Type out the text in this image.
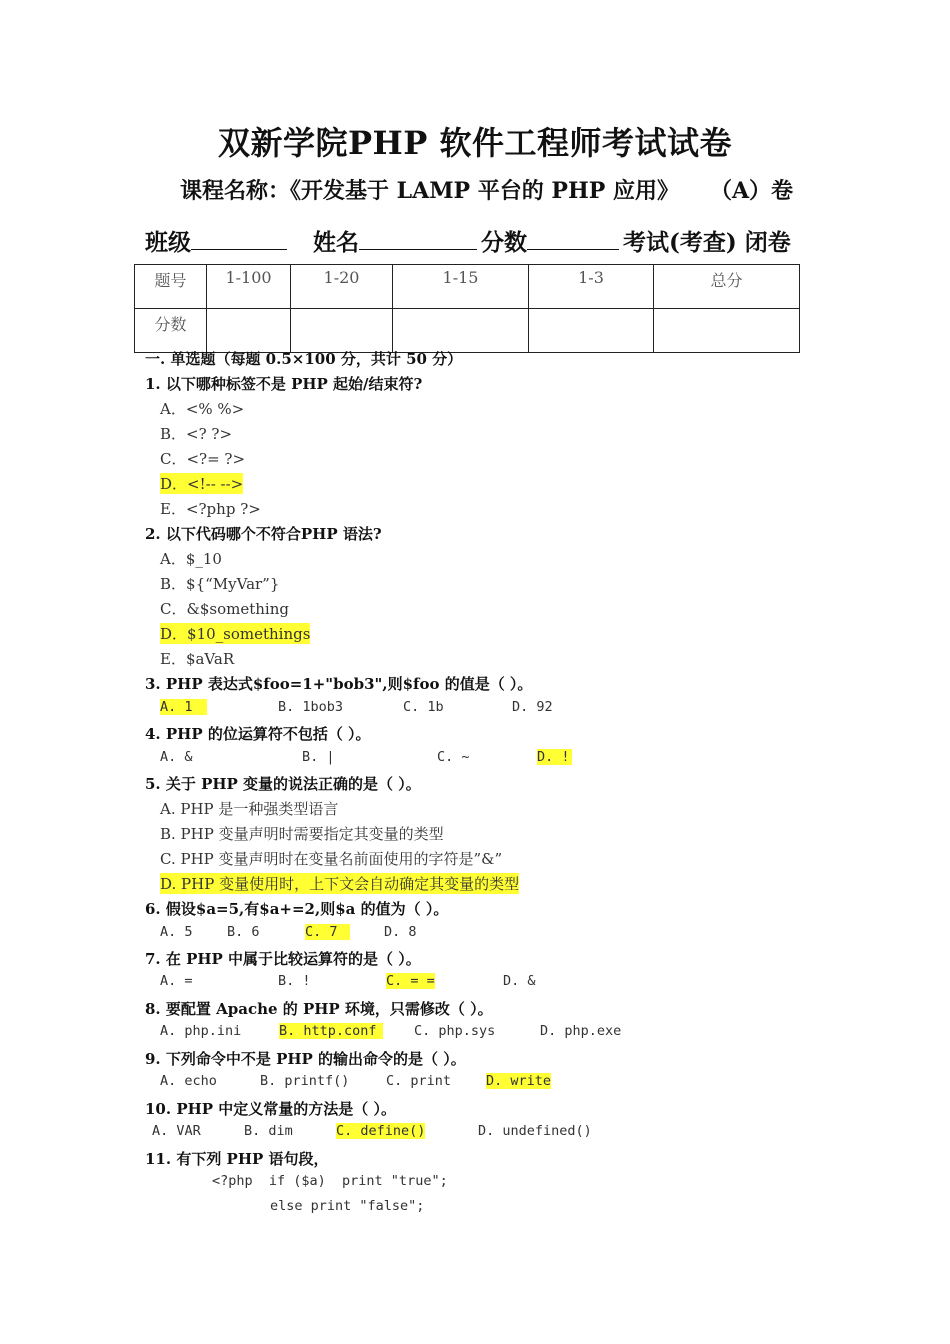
双新学院PHP 软件工程师考试试卷
课程名称：《开发基于 LAMP 平台的 PHP 应用》 （A）卷
班级	姓名	分数	考试(考查) 闭卷
题号	1-100	1-20	1-15	1-3	总分
分数					
一. 单选题（每题 0.5×100 分，共计 50 分）
1. 以下哪种标签不是 PHP 起始/结束符?
A．<% %>
B．<? ?>
C．<?= ?>
D．<!-- -->
E．<?php ?>
2. 以下代码哪个不符合PHP 语法?
A．$_10
B．${“MyVar”}
C．&$something
D．$10_somethings
E．$aVaR
3. PHP 表达式$foo=1+"bob3",则$foo 的值是（ ）。
A. 1	B. 1bob3	C. 1b	D. 92
4. PHP 的位运算符不包括（ ）。
A. &	B. |	C. ~	D. !
5. 关于 PHP 变量的说法正确的是（ ）。
A. PHP 是一种强类型语言
B. PHP 变量声明时需要指定其变量的类型
C. PHP 变量声明时在变量名前面使用的字符是”&”
D. PHP 变量使用时，上下文会自动确定其变量的类型
6. 假设$a=5,有$a+=2,则$a 的值为（ ）。
A. 5	B. 6	C. 7	D. 8
7. 在 PHP 中属于比较运算符的是（ ）。
A. =	B. !	C. = =	D. &
8. 要配置 Apache 的 PHP 环境，只需修改（ ）。
A. php.ini	B. http.conf	C. php.sys	D. php.exe
9. 下列命令中不是 PHP 的输出命令的是（ ）。
A. echo	B. printf()	C. print	D. write
10. PHP 中定义常量的方法是（ ）。
A. VAR	B. dim	C. define()	D. undefined()
11. 有下列 PHP 语句段，
<?php  if ($a)  print "true";
else print "false";
